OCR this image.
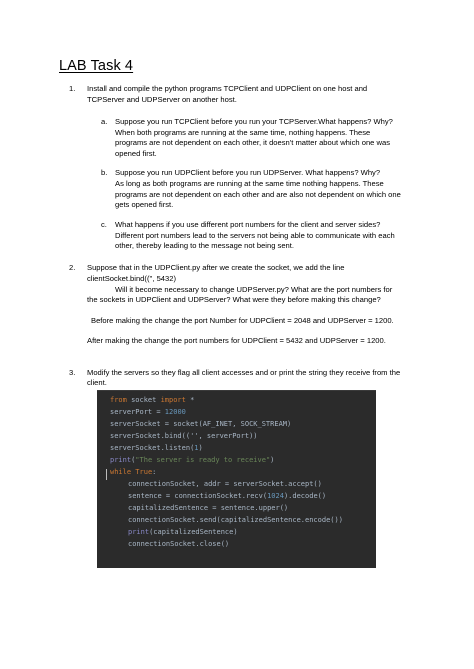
LAB Task 4
1. Install and compile the python programs TCPClient and UDPClient on one host and
TCPServer and UDPServer on another host.
a. Suppose you run TCPClient before you run your TCPServer.What happens? Why?
When both programs are running at the same time, nothing happens. These
programs are not dependent on each other, it doesn't matter about which one was
opened first.
b. Suppose you run UDPClient before you run UDPServer. What happens? Why?
As long as both programs are running at the same time nothing happens. These
programs are not dependent on each other and are also not dependent on which one
gets opened first.
c. What happens if you use different port numbers for the client and server sides?
Different port numbers lead to the servers not being able to communicate with each
other, thereby leading to the message not being sent.
2. Suppose that in the UDPClient.py after we create the socket, we add the line
clientSocket.bind(('', 5432)
Will it become necessary to change UDPServer.py? What are the port numbers for
the sockets in UDPClient and UDPServer? What were they before making this change?
Before making the change the port Number for UDPClient = 2048 and UDPServer = 1200.
After making the change the port numbers for UDPClient = 5432 and UDPServer = 1200.
3. Modify the servers so they flag all client accesses and or print the string they receive from the
client.
from socket import *
serverPort = 12000
serverSocket = socket(AF_INET, SOCK_STREAM)
serverSocket.bind(('', serverPort))
serverSocket.listen(1)
print("The server is ready to receive")
while True:
connectionSocket, addr = serverSocket.accept()
sentence = connectionSocket.recv(1024).decode()
capitalizedSentence = sentence.upper()
connectionSocket.send(capitalizedSentence.encode())
print(capitalizedSentence)
connectionSocket.close()
